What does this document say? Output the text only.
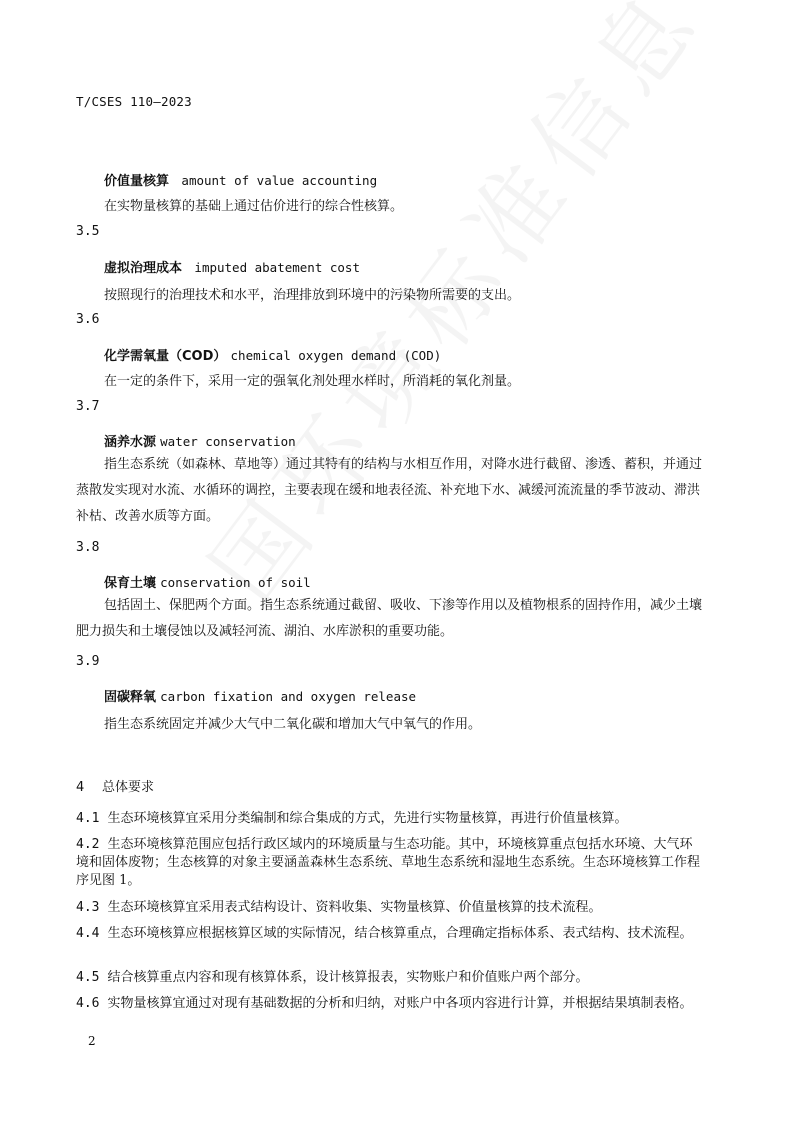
T/CSES 110—2023
价值量核算 amount of value accounting
在实物量核算的基础上通过估价进行的综合性核算。
3.5
虚拟治理成本 imputed abatement cost
按照现行的治理技术和水平，治理排放到环境中的污染物所需要的支出。
3.6
化学需氧量（COD） chemical oxygen demand (COD)
在一定的条件下，采用一定的强氧化剂处理水样时，所消耗的氧化剂量。
3.7
涵养水源 water conservation
指生态系统（如森林、草地等）通过其特有的结构与水相互作用，对降水进行截留、渗透、蓄积，并通过蒸散发实现对水流、水循环的调控，主要表现在缓和地表径流、补充地下水、减缓河流流量的季节波动、滞洪补枯、改善水质等方面。
3.8
保育土壤 conservation of soil
包括固土、保肥两个方面。指生态系统通过截留、吸收、下渗等作用以及植物根系的固持作用，减少土壤肥力损失和土壤侵蚀以及减轻河流、湖泊、水库淤积的重要功能。
3.9
固碳释氧 carbon fixation and oxygen release
指生态系统固定并减少大气中二氧化碳和增加大气中氧气的作用。
4 总体要求
4.1 生态环境核算宜采用分类编制和综合集成的方式，先进行实物量核算，再进行价值量核算。
4.2 生态环境核算范围应包括行政区域内的环境质量与生态功能。其中，环境核算重点包括水环境、大气环境和固体废物；生态核算的对象主要涵盖森林生态系统、草地生态系统和湿地生态系统。生态环境核算工作程序见图 1。
4.3 生态环境核算宜采用表式结构设计、资料收集、实物量核算、价值量核算的技术流程。
4.4 生态环境核算应根据核算区域的实际情况，结合核算重点，合理确定指标体系、表式结构、技术流程。
4.5 结合核算重点内容和现有核算体系，设计核算报表，实物账户和价值账户两个部分。
4.6 实物量核算宜通过对现有基础数据的分析和归纳，对账户中各项内容进行计算，并根据结果填制表格。
2
